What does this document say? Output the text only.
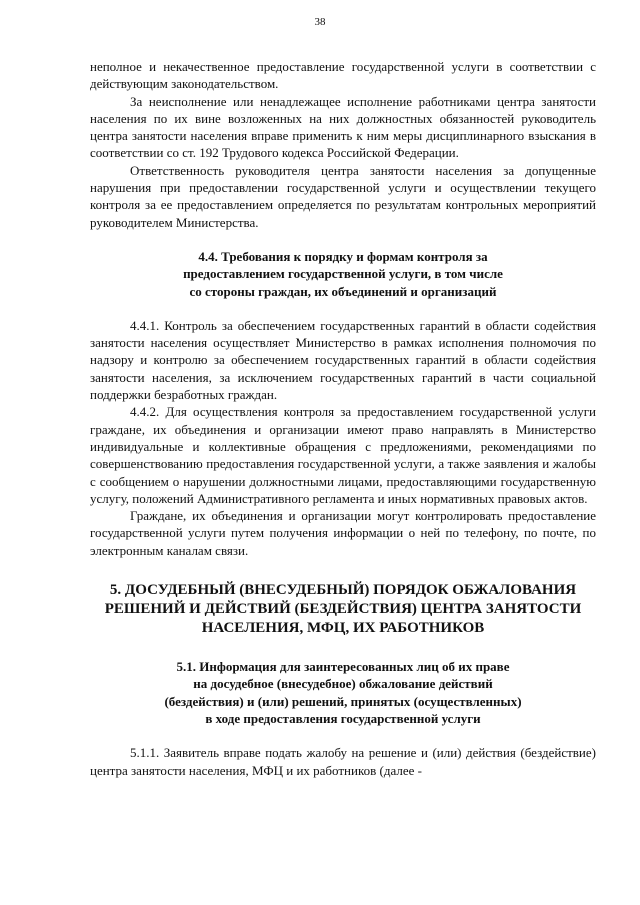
38

неполное и некачественное предоставление государственной услуги в соответствии с действующим законодательством.

За неисполнение или ненадлежащее исполнение работниками центра занятости населения по их вине возложенных на них должностных обязанностей руководитель центра занятости населения вправе применить к ним меры дисциплинарного взыскания в соответствии со ст. 192 Трудового кодекса Российской Федерации.

Ответственность руководителя центра занятости населения за допущенные нарушения при предоставлении государственной услуги и осуществлении текущего контроля за ее предоставлением определяется по результатам контрольных мероприятий руководителем Министерства.

4.4. Требования к порядку и формам контроля за
предоставлением государственной услуги, в том числе
со стороны граждан, их объединений и организаций

4.4.1. Контроль за обеспечением государственных гарантий в области содействия занятости населения осуществляет Министерство в рамках исполнения полномочия по надзору и контролю за обеспечением государственных гарантий в области содействия занятости населения, за исключением государственных гарантий в части социальной поддержки безработных граждан.

4.4.2. Для осуществления контроля за предоставлением государственной услуги граждане, их объединения и организации имеют право направлять в Министерство индивидуальные и коллективные обращения с предложениями, рекомендациями по совершенствованию предоставления государственной услуги, а также заявления и жалобы с сообщением о нарушении должностными лицами, предоставляющими государственную услугу, положений Административного регламента и иных нормативных правовых актов.

Граждане, их объединения и организации могут контролировать предоставление государственной услуги путем получения информации о ней по телефону, по почте, по электронным каналам связи.

5. ДОСУДЕБНЫЙ (ВНЕСУДЕБНЫЙ) ПОРЯДОК ОБЖАЛОВАНИЯ
РЕШЕНИЙ И ДЕЙСТВИЙ (БЕЗДЕЙСТВИЯ) ЦЕНТРА ЗАНЯТОСТИ
НАСЕЛЕНИЯ, МФЦ, ИХ РАБОТНИКОВ
5.1. Информация для заинтересованных лиц об их праве
на досудебное (внесудебное) обжалование действий
(бездействия) и (или) решений, принятых (осуществленных)
в ходе предоставления государственной услуги

5.1.1. Заявитель вправе подать жалобу на решение и (или) действия (бездействие) центра занятости населения, МФЦ и их работников (далее -
